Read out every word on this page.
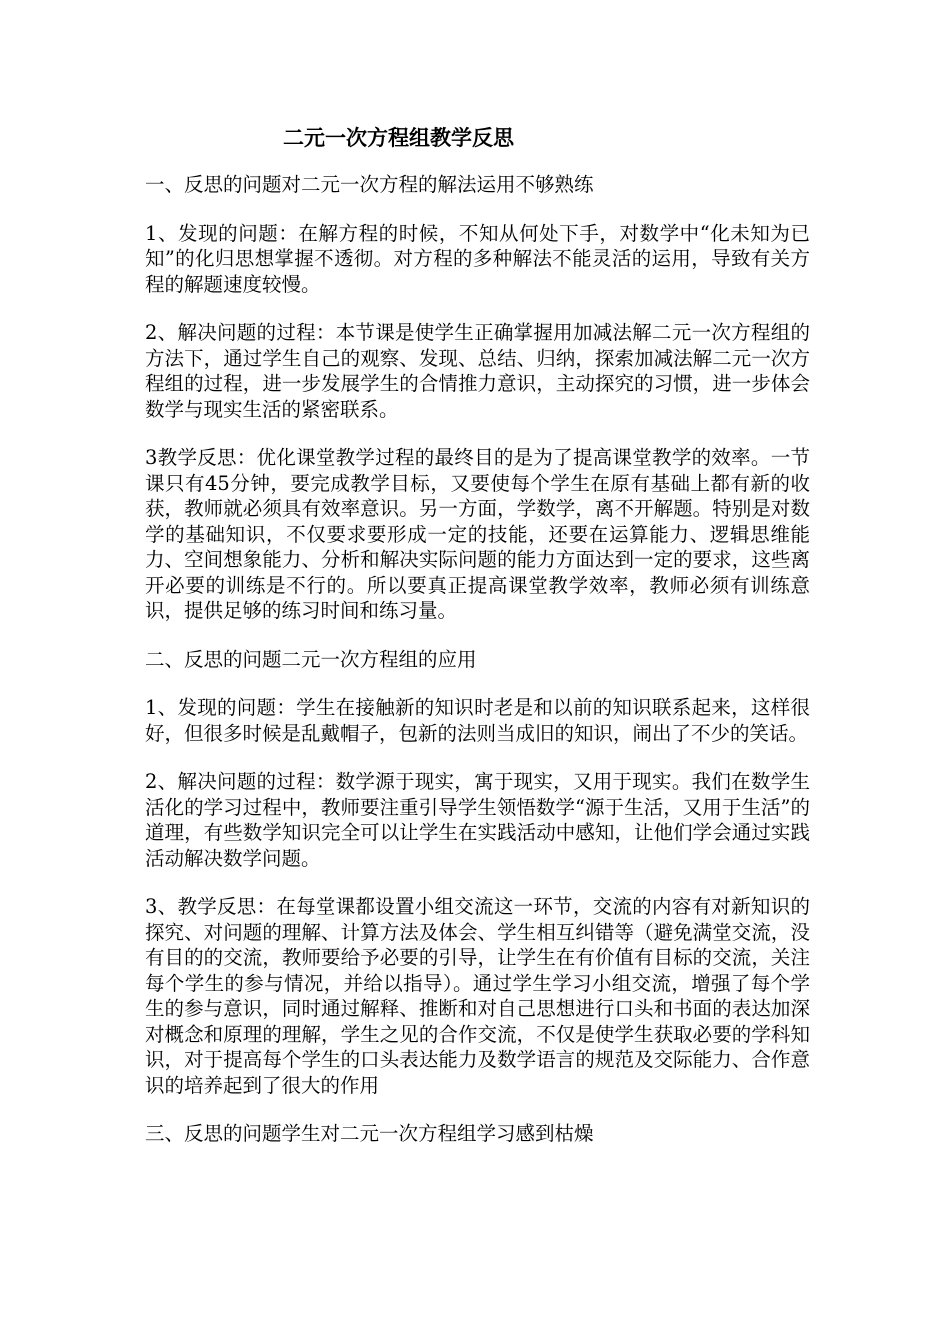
二元一次方程组教学反思

一、反思的问题对二元一次方程的解法运用不够熟练

1、发现的问题：在解方程的时候，不知从何处下手，对数学中“化未知为已知”的化归思想掌握不透彻。对方程的多种解法不能灵活的运用，导致有关方程的解题速度较慢。

2、解决问题的过程：本节课是使学生正确掌握用加减法解二元一次方程组的方法下，通过学生自己的观察、发现、总结、归纳，探索加减法解二元一次方程组的过程，进一步发展学生的合情推力意识，主动探究的习惯，进一步体会数学与现实生活的紧密联系。

3教学反思：优化课堂教学过程的最终目的是为了提高课堂教学的效率。一节课只有45分钟，要完成教学目标，又要使每个学生在原有基础上都有新的收获，教师就必须具有效率意识。另一方面，学数学，离不开解题。特别是对数学的基础知识，不仅要求要形成一定的技能，还要在运算能力、逻辑思维能力、空间想象能力、分析和解决实际问题的能力方面达到一定的要求，这些离开必要的训练是不行的。所以要真正提高课堂教学效率，教师必须有训练意识，提供足够的练习时间和练习量。

二、反思的问题二元一次方程组的应用

1、发现的问题：学生在接触新的知识时老是和以前的知识联系起来，这样很好，但很多时候是乱戴帽子，包新的法则当成旧的知识，闹出了不少的笑话。

2、解决问题的过程：数学源于现实，寓于现实，又用于现实。我们在数学生活化的学习过程中，教师要注重引导学生领悟数学“源于生活，又用于生活”的道理，有些数学知识完全可以让学生在实践活动中感知，让他们学会通过实践活动解决数学问题。

3、教学反思：在每堂课都设置小组交流这一环节，交流的内容有对新知识的探究、对问题的理解、计算方法及体会、学生相互纠错等（避免满堂交流，没有目的的交流，教师要给予必要的引导，让学生在有价值有目标的交流，关注每个学生的参与情况，并给以指导）。通过学生学习小组交流，增强了每个学生的参与意识，同时通过解释、推断和对自己思想进行口头和书面的表达加深对概念和原理的理解，学生之见的合作交流，不仅是使学生获取必要的学科知识，对于提高每个学生的口头表达能力及数学语言的规范及交际能力、合作意识的培养起到了很大的作用

三、反思的问题学生对二元一次方程组学习感到枯燥
